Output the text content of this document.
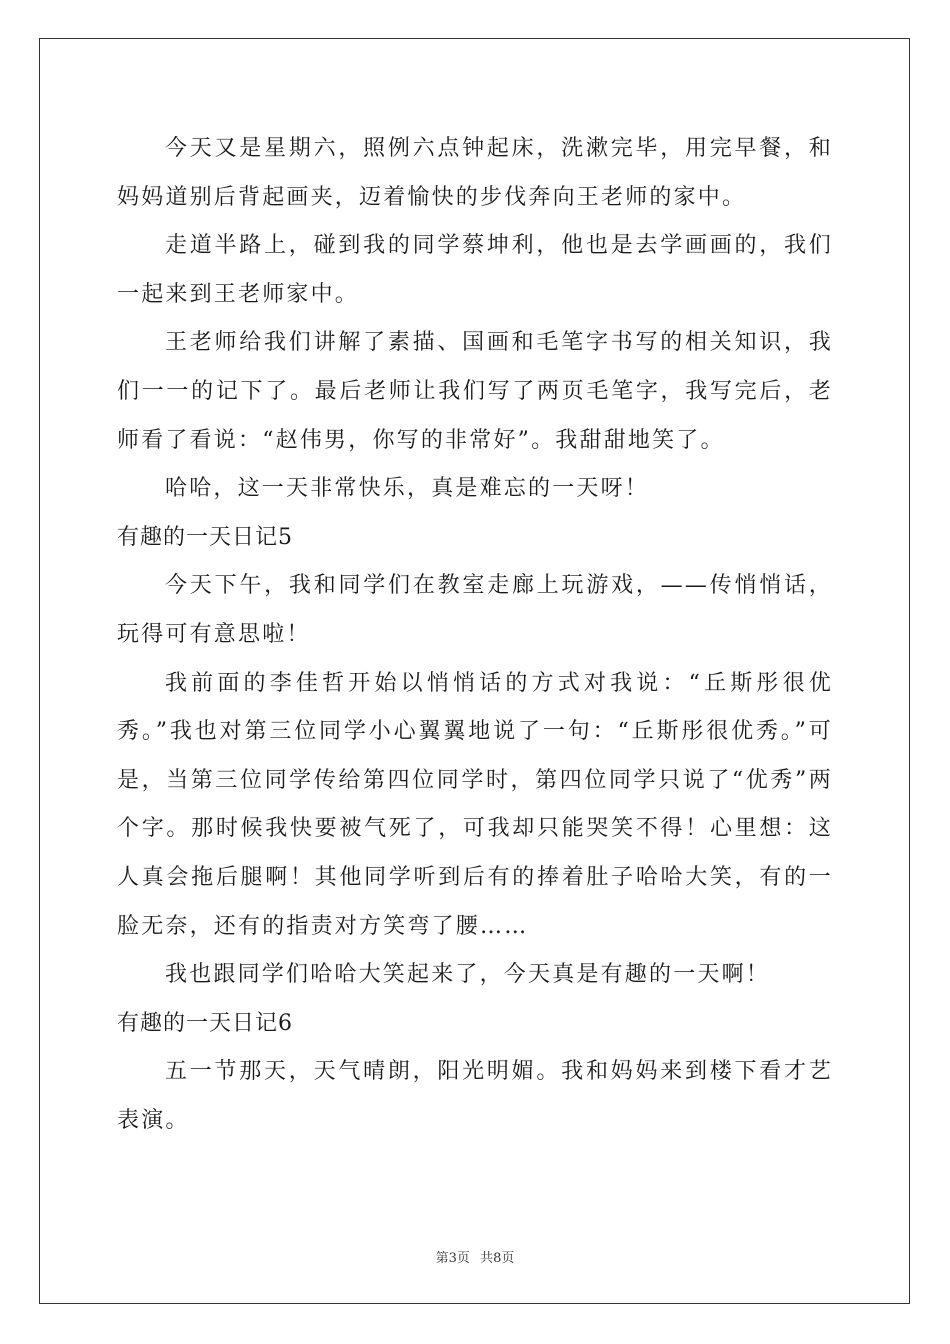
今天又是星期六，照例六点钟起床，洗漱完毕，用完早餐，和妈妈道别后背起画夹，迈着愉快的步伐奔向王老师的家中。

走道半路上，碰到我的同学蔡坤利，他也是去学画画的，我们一起来到王老师家中。

王老师给我们讲解了素描、国画和毛笔字书写的相关知识，我们一一的记下了。最后老师让我们写了两页毛笔字，我写完后，老师看了看说：“赵伟男，你写的非常好”。我甜甜地笑了。

哈哈，这一天非常快乐，真是难忘的一天呀！

有趣的一天日记5

今天下午，我和同学们在教室走廊上玩游戏，——传悄悄话，玩得可有意思啦！

我前面的李佳哲开始以悄悄话的方式对我说：“丘斯彤很优秀。”我也对第三位同学小心翼翼地说了一句：“丘斯彤很优秀。”可是，当第三位同学传给第四位同学时，第四位同学只说了“优秀”两个字。那时候我快要被气死了，可我却只能哭笑不得！心里想：这人真会拖后腿啊！其他同学听到后有的捧着肚子哈哈大笑，有的一脸无奈，还有的指责对方笑弯了腰……

我也跟同学们哈哈大笑起来了，今天真是有趣的一天啊！

有趣的一天日记6

五一节那天，天气晴朗，阳光明媚。我和妈妈来到楼下看才艺表演。

第3页 共8页
